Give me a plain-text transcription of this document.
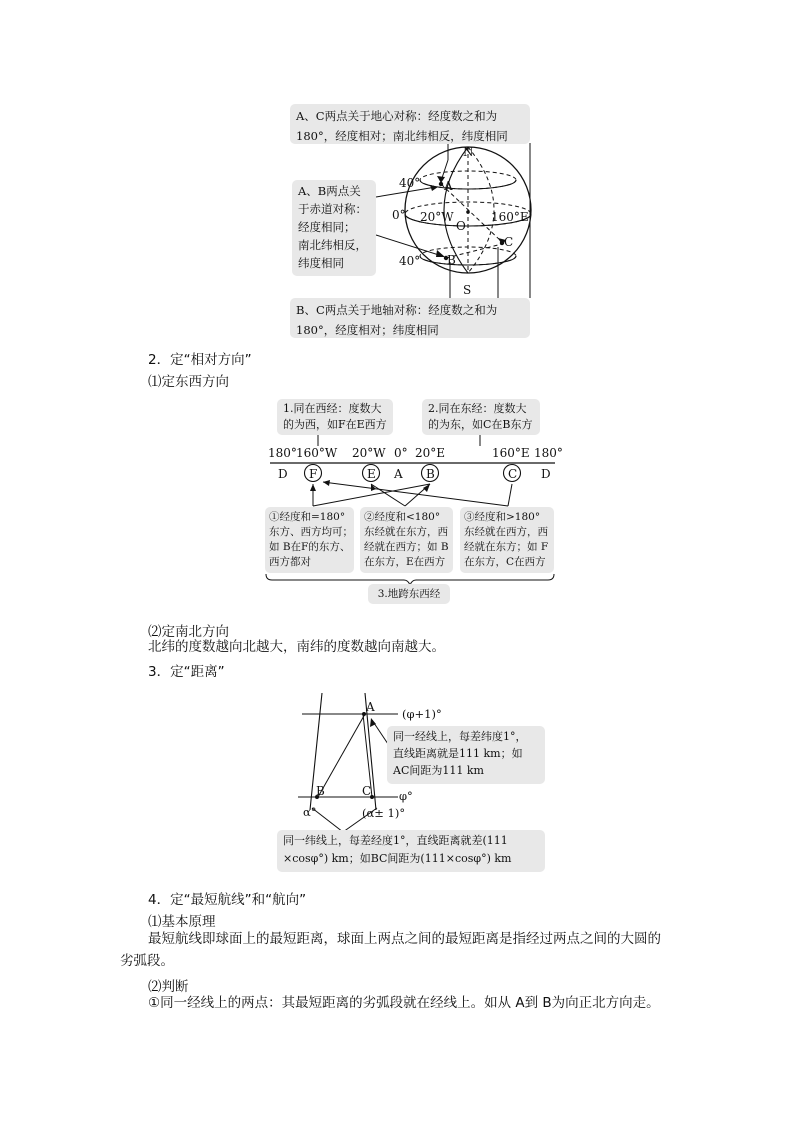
N
S
A
B
C
O
40°
40°
0° 20°W	160°E
A、C两点关于地心对称：经度数之和为
180°，经度相对；南北纬相反，纬度相同
A、B两点关
于赤道对称：
经度相同；
南北纬相反，
纬度相同
B、C两点关于地轴对称：经度数之和为
180°，经度相对；纬度相同
2．定“相对方向”
⑴定东西方向
180° 160°W 20°W 0° 20°E	160°E 180°
D F	E A B	C D
1.同在西经：度数大
的为西，如F在E西方
2.同在东经：度数大
的为东，如C在B东方
①经度和=180°
东方、西方均可；
如 B在F的东方、
西方都对
②经度和<180°
东经就在东方，西
经就在西方；如 B
在东方，E在西方
③经度和>180°
东经就在西方，西
经就在东方；如 F
在东方，C在西方
3.地跨东西经
⑵定南北方向
北纬的度数越向北越大，南纬的度数越向南越大。
3．定“距离”
A
B	C
(φ+1)°
φ°
α°	(α± 1)°
同一经线上，每差纬度1°，
直线距离就是111 km；如
AC间距为111 km
同一纬线上，每差经度1°，直线距离就差(111
×cosφ°) km；如BC间距为(111×cosφ°) km
4．定“最短航线”和“航向”
⑴基本原理
最短航线即球面上的最短距离，球面上两点之间的最短距离是指经过两点之间的大圆的
劣弧段。
⑵判断
①同一经线上的两点：其最短距离的劣弧段就在经线上。如从 A到 B为向正北方向走。
